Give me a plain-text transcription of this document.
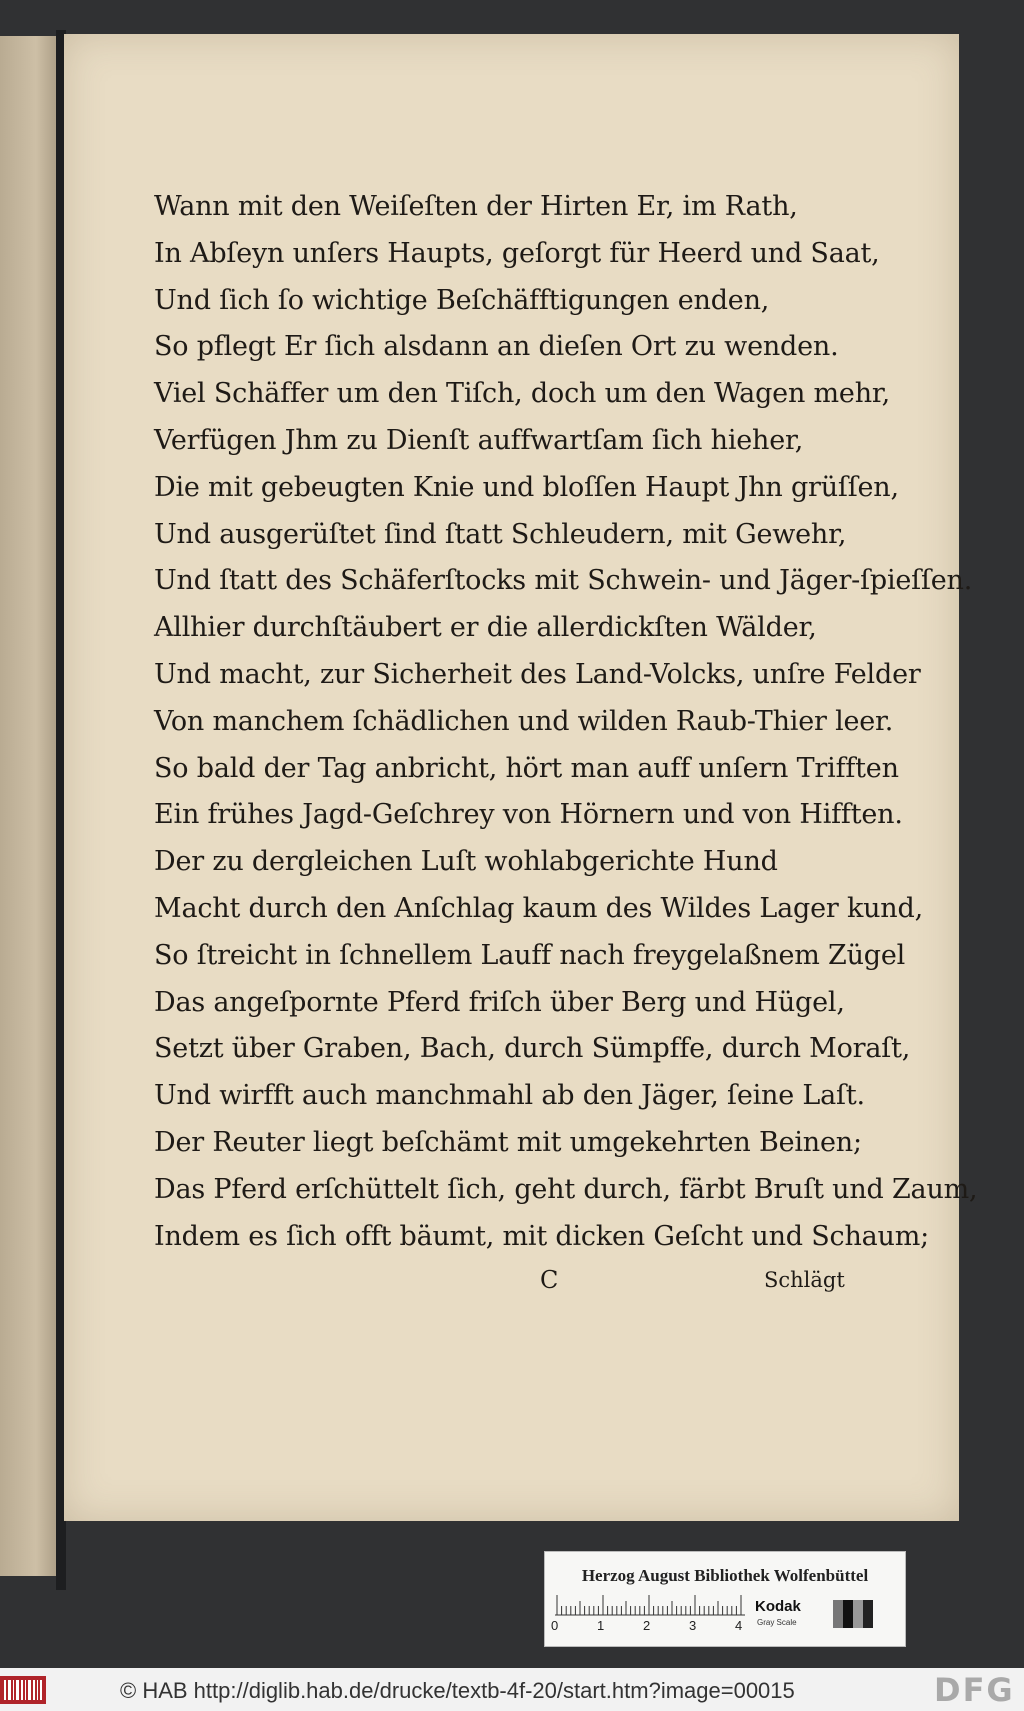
Wann mit den Weiſeſten der Hirten Er, im Rath,
In Abſeyn unſers Haupts, geſorgt für Heerd und Saat,
Und ſich ſo wichtige Beſchäfftigungen enden,
So pflegt Er ſich alsdann an dieſen Ort zu wenden.
Viel Schäffer um den Tiſch, doch um den Wagen mehr,
Verfügen Jhm zu Dienſt auffwartſam ſich hieher,
Die mit gebeugten Knie und bloſſen Haupt Jhn grüſſen,
Und ausgerüſtet ſind ſtatt Schleudern, mit Gewehr,
Und ſtatt des Schäferſtocks mit Schwein- und Jäger-ſpieſſen.
Allhier durchſtäubert er die allerdickſten Wälder,
Und macht, zur Sicherheit des Land-Volcks, unſre Felder
Von manchem ſchädlichen und wilden Raub-Thier leer.
So bald der Tag anbricht, hört man auff unſern Trifften
Ein frühes Jagd-Geſchrey von Hörnern und von Hifften.
Der zu dergleichen Luſt wohlabgerichte Hund
Macht durch den Anſchlag kaum des Wildes Lager kund,
So ſtreicht in ſchnellem Lauff nach freygelaßnem Zügel
Das angeſpornte Pferd friſch über Berg und Hügel,
Setzt über Graben, Bach, durch Sümpffe, durch Moraſt,
Und wirfft auch manchmahl ab den Jäger, ſeine Laſt.
Der Reuter liegt beſchämt mit umgekehrten Beinen;
Das Pferd erſchüttelt ſich, geht durch, färbt Bruſt und Zaum,
Indem es ſich offt bäumt, mit dicken Geſcht und Schaum;
C	Schlägt
Herzog August Bibliothek Wolfenbüttel
0	1	2	3	4
Kodak
Gray Scale
© HAB http://diglib.hab.de/drucke/textb-4f-20/start.htm?image=00015	DFG
